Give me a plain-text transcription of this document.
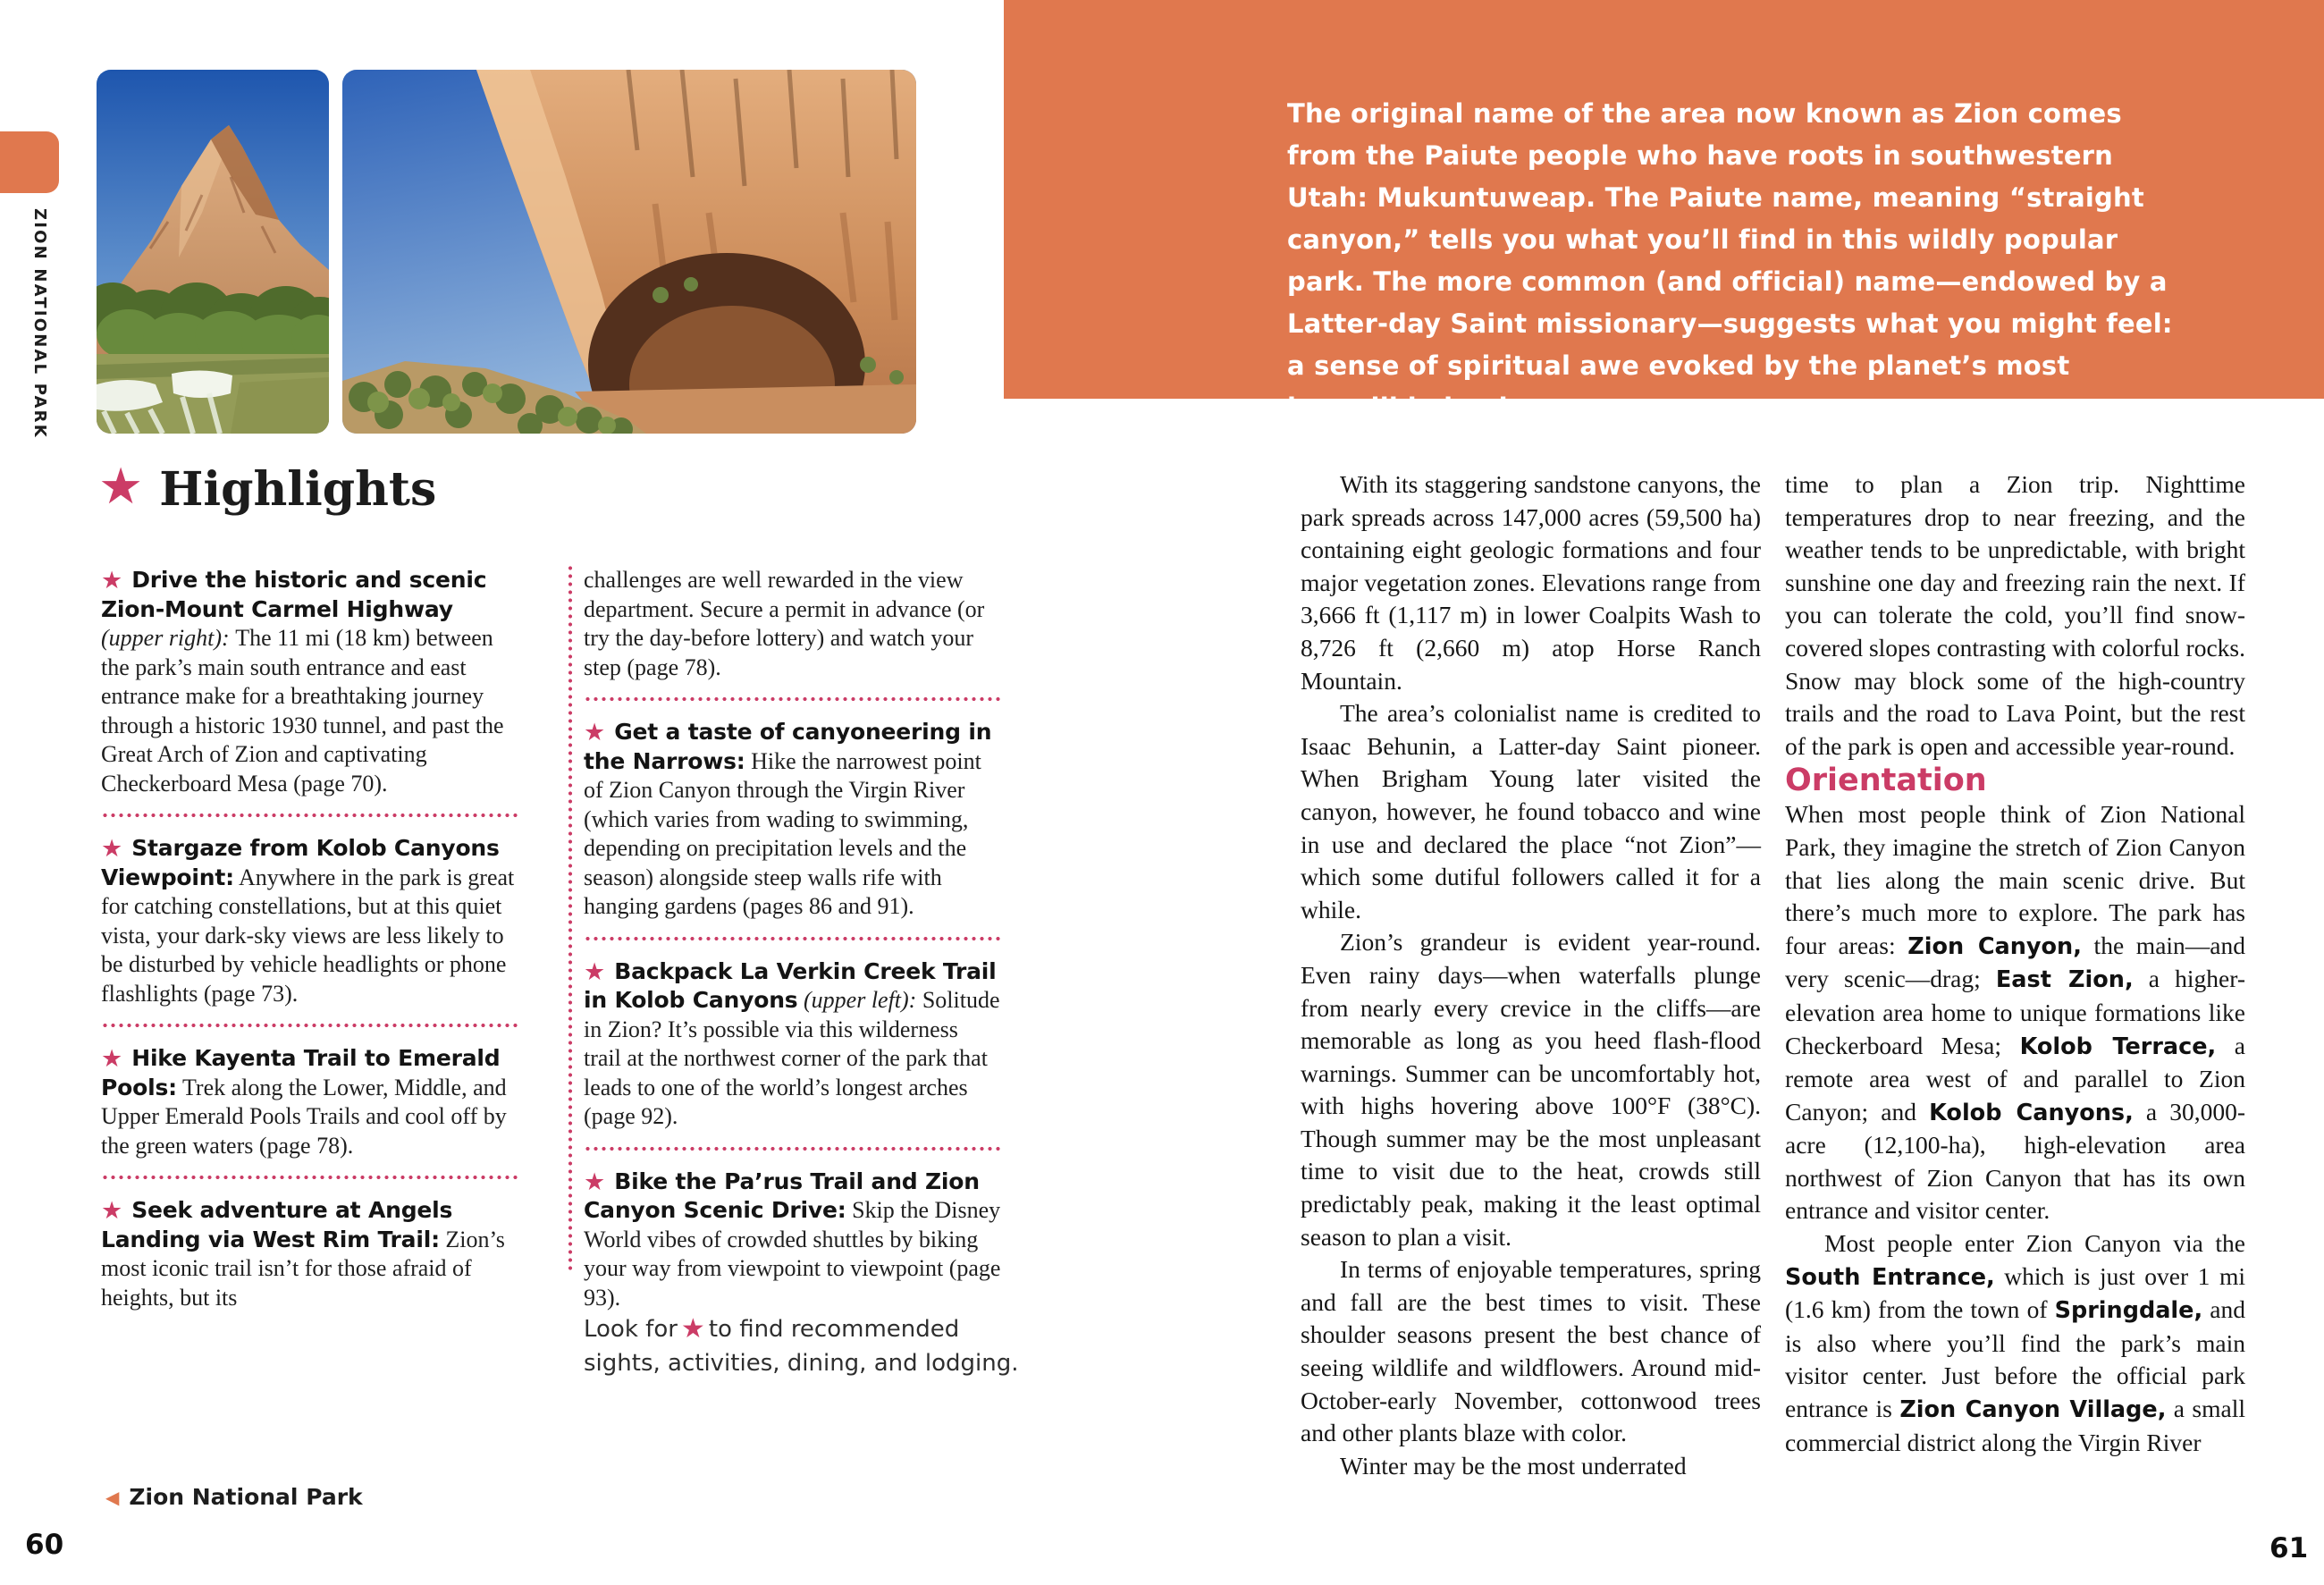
ZION NATIONAL PARK
★ Highlights
★ Drive the historic and scenic Zion-Mount Carmel Highway (upper right): The 11 mi (18 km) between the park’s main south entrance and east entrance make for a breathtaking journey through a historic 1930 tunnel, and past the Great Arch of Zion and captivating Checkerboard Mesa (page 70).
★ Stargaze from Kolob Canyons Viewpoint: Anywhere in the park is great for catching constellations, but at this quiet vista, your dark-sky views are less likely to be disturbed by vehicle headlights or phone flashlights (page 73).
★ Hike Kayenta Trail to Emerald Pools: Trek along the Lower, Middle, and Upper Emerald Pools Trails and cool off by the green waters (page 78).
★ Seek adventure at Angels Landing via West Rim Trail: Zion’s most iconic trail isn’t for those afraid of heights, but its
challenges are well rewarded in the view department. Secure a permit in advance (or try the day-before lottery) and watch your step (page 78).
★ Get a taste of canyoneering in the Narrows: Hike the narrowest point of Zion Canyon through the Virgin River (which varies from wading to swimming, depending on precipitation levels and the season) alongside steep walls rife with hanging gardens (pages 86 and 91).
★ Backpack La Verkin Creek Trail in Kolob Canyons (upper left): Solitude in Zion? It’s possible via this wilderness trail at the northwest corner of the park that leads to one of the world’s longest arches (page 92).
★ Bike the Pa’rus Trail and Zion Canyon Scenic Drive: Skip the Disney World vibes of crowded shuttles by biking your way from viewpoint to viewpoint (page 93).
Look for ★ to find recommended sights, activities, dining, and lodging.
◀ Zion National Park
60
The original name of the area now known as Zion comes from the Paiute people who have roots in southwestern Utah: Mukuntuweap. The Paiute name, meaning “straight canyon,” tells you what you’ll find in this wildly popular park. The more common (and official) name—endowed by a Latter-day Saint missionary—suggests what you might feel: a sense of spiritual awe evoked by the planet’s most incredible landscapes.

With its staggering sandstone canyons, the park spreads across 147,000 acres (59,500 ha) containing eight geologic formations and four major vegetation zones. Elevations range from 3,666 ft (1,117 m) in lower Coalpits Wash to 8,726 ft (2,660 m) atop Horse Ranch Mountain.

The area’s colonialist name is credited to Isaac Behunin, a Latter-day Saint pioneer. When Brigham Young later visited the canyon, however, he found tobacco and wine in use and declared the place “not Zion”—which some dutiful followers called it for a while.

Zion’s grandeur is evident year-round. Even rainy days—when waterfalls plunge from nearly every crevice in the cliffs—are memorable as long as you heed flash-flood warnings. Summer can be uncomfortably hot, with highs hovering above 100°F (38°C). Though summer may be the most unpleasant time to visit due to the heat, crowds still predictably peak, making it the least optimal season to plan a visit.

In terms of enjoyable temperatures, spring and fall are the best times to visit. These shoulder seasons present the best chance of seeing wildlife and wildflowers. Around mid-October-early November, cottonwood trees and other plants blaze with color.

Winter may be the most underrated

time to plan a Zion trip. Nighttime temperatures drop to near freezing, and the weather tends to be unpredictable, with bright sunshine one day and freezing rain the next. If you can tolerate the cold, you’ll find snow-covered slopes contrasting with colorful rocks. Snow may block some of the high-country trails and the road to Lava Point, but the rest of the park is open and accessible year-round.

Orientation

When most people think of Zion National Park, they imagine the stretch of Zion Canyon that lies along the main scenic drive. But there’s much more to explore. The park has four areas: Zion Canyon, the main—and very scenic—drag; East Zion, a higher-elevation area home to unique formations like Checkerboard Mesa; Kolob Terrace, a remote area west of and parallel to Zion Canyon; and Kolob Canyons, a 30,000-acre (12,100-ha), high-elevation area northwest of Zion Canyon that has its own entrance and visitor center.

Most people enter Zion Canyon via the South Entrance, which is just over 1 mi (1.6 km) from the town of Springdale, and is also where you’ll find the park’s main visitor center. Just before the official park entrance is Zion Canyon Village, a small commercial district along the Virgin River

61
